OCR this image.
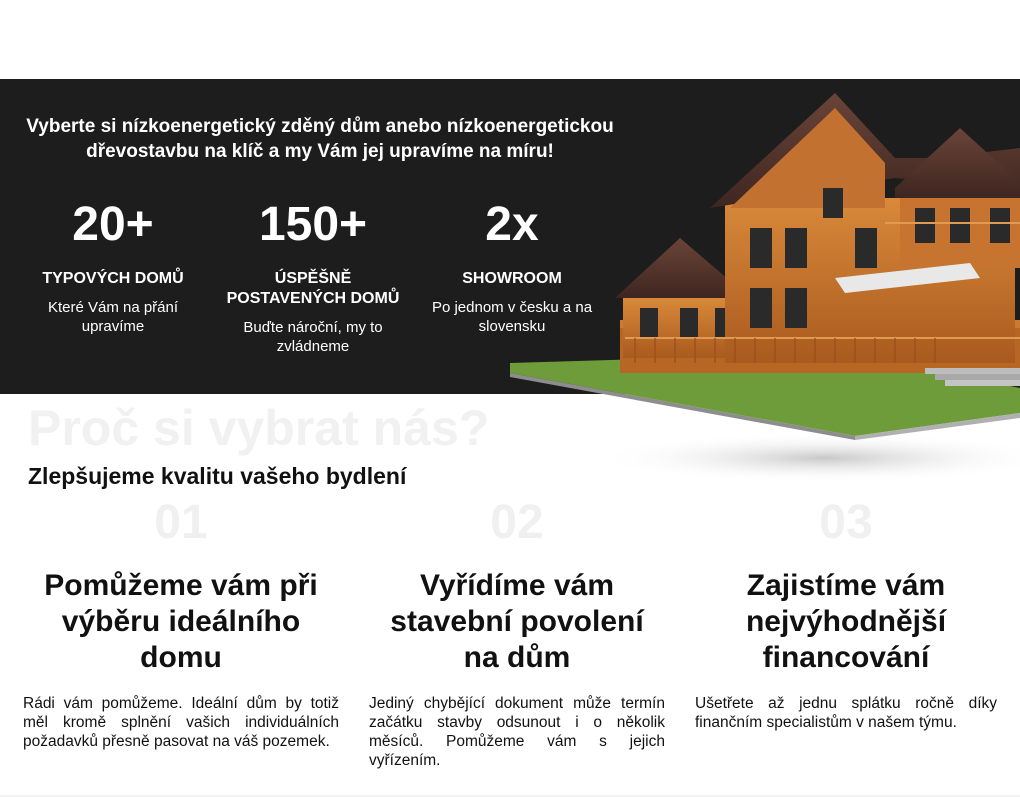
Vyberte si nízkoenergetický zděný dům anebo nízkoenergetickou dřevostavbu na klíč a my Vám jej upravíme na míru!
20+
TYPOVÝCH DOMŮ
Které Vám na přání upravíme
150+
ÚSPĚŠNĚ POSTAVENÝCH DOMŮ
Buďte nároční, my to zvládneme
2x
SHOWROOM
Po jednom v česku a na slovensku
Proč si vybrat nás?
Zlepšujeme kvalitu vašeho bydlení
01
Pomůžeme vám při výběru ideálního domu
Rádi vám pomůžeme. Ideální dům by totiž měl kromě splnění vašich individuálních požadavků přesně pasovat na váš pozemek.
02
Vyřídíme vám stavební povolení na dům
Jediný chybějící dokument může termín začátku stavby odsunout i o několik měsíců. Pomůžeme vám s jejich vyřízením.
03
Zajistíme vám nejvýhodnější financování
Ušetřete až jednu splátku ročně díky finančním specialistům v našem týmu.
